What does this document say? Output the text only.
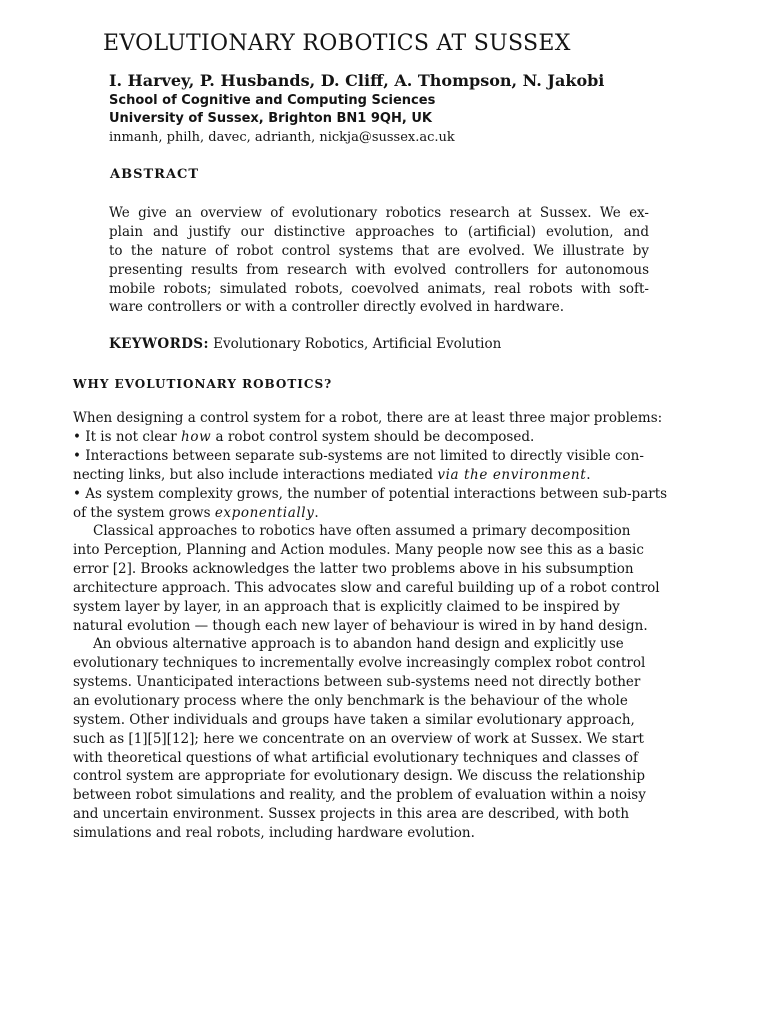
EVOLUTIONARY ROBOTICS AT SUSSEX
I. Harvey, P. Husbands, D. Cliff, A. Thompson, N. Jakobi
School of Cognitive and Computing Sciences
University of Sussex, Brighton BN1 9QH, UK
inmanh, philh, davec, adrianth, nickja@sussex.ac.uk
ABSTRACT
We give an overview of evolutionary robotics research at Sussex. We ex-
plain and justify our distinctive approaches to (artificial) evolution, and
to the nature of robot control systems that are evolved. We illustrate by
presenting results from research with evolved controllers for autonomous
mobile robots; simulated robots, coevolved animats, real robots with soft-
ware controllers or with a controller directly evolved in hardware.
KEYWORDS: Evolutionary Robotics, Artificial Evolution
WHY EVOLUTIONARY ROBOTICS?
When designing a control system for a robot, there are at least three major problems:
• It is not clear how a robot control system should be decomposed.
• Interactions between separate sub-systems are not limited to directly visible con-
necting links, but also include interactions mediated via the environment.
• As system complexity grows, the number of potential interactions between sub-parts
of the system grows exponentially.
Classical approaches to robotics have often assumed a primary decomposition
into Perception, Planning and Action modules. Many people now see this as a basic
error [2]. Brooks acknowledges the latter two problems above in his subsumption
architecture approach. This advocates slow and careful building up of a robot control
system layer by layer, in an approach that is explicitly claimed to be inspired by
natural evolution — though each new layer of behaviour is wired in by hand design.
An obvious alternative approach is to abandon hand design and explicitly use
evolutionary techniques to incrementally evolve increasingly complex robot control
systems. Unanticipated interactions between sub-systems need not directly bother
an evolutionary process where the only benchmark is the behaviour of the whole
system. Other individuals and groups have taken a similar evolutionary approach,
such as [1][5][12]; here we concentrate on an overview of work at Sussex. We start
with theoretical questions of what artificial evolutionary techniques and classes of
control system are appropriate for evolutionary design. We discuss the relationship
between robot simulations and reality, and the problem of evaluation within a noisy
and uncertain environment. Sussex projects in this area are described, with both
simulations and real robots, including hardware evolution.
